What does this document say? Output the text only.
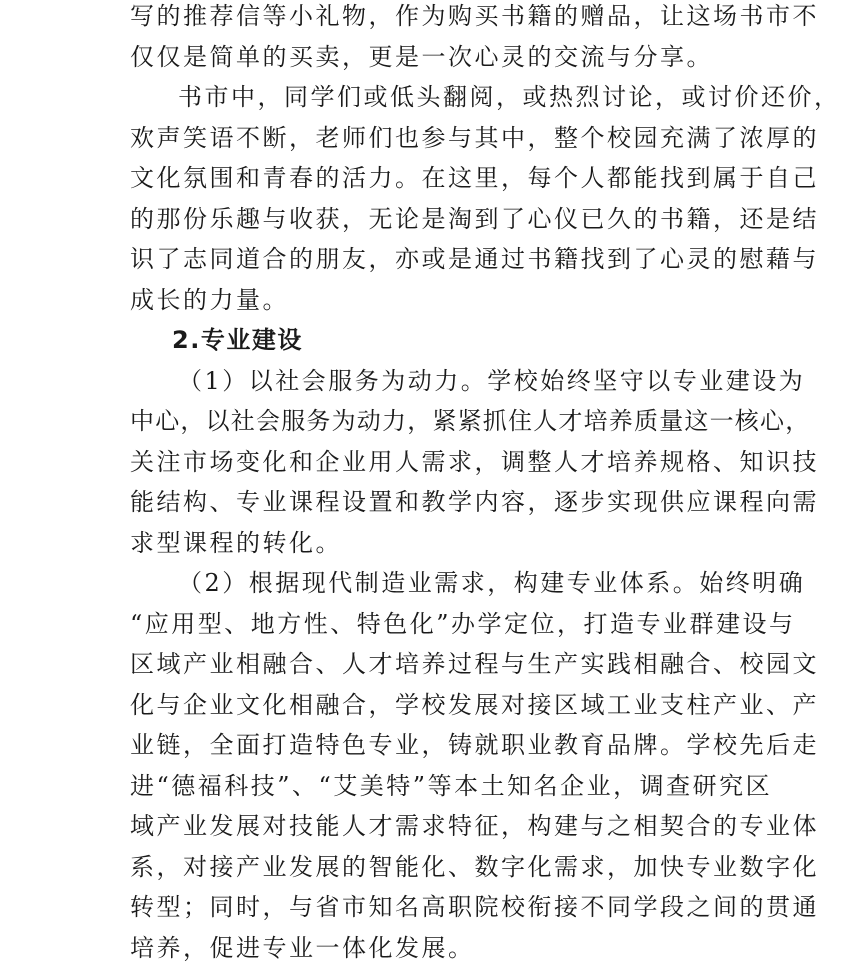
写的推荐信等小礼物，作为购买书籍的赠品，让这场书市不
仅仅是简单的买卖，更是一次心灵的交流与分享。
书市中，同学们或低头翻阅，或热烈讨论，或讨价还价，
欢声笑语不断，老师们也参与其中，整个校园充满了浓厚的
文化氛围和青春的活力。在这里，每个人都能找到属于自己
的那份乐趣与收获，无论是淘到了心仪已久的书籍，还是结
识了志同道合的朋友，亦或是通过书籍找到了心灵的慰藉与
成长的力量。
2.专业建设
（1）以社会服务为动力。学校始终坚守以专业建设为
中心，以社会服务为动力，紧紧抓住人才培养质量这一核心，
关注市场变化和企业用人需求，调整人才培养规格、知识技
能结构、专业课程设置和教学内容，逐步实现供应课程向需
求型课程的转化。
（2）根据现代制造业需求，构建专业体系。始终明确
“应用型、地方性、特色化”办学定位，打造专业群建设与
区域产业相融合、人才培养过程与生产实践相融合、校园文
化与企业文化相融合，学校发展对接区域工业支柱产业、产
业链，全面打造特色专业，铸就职业教育品牌。学校先后走
进“德福科技”、“艾美特”等本土知名企业，调查研究区
域产业发展对技能人才需求特征，构建与之相契合的专业体
系，对接产业发展的智能化、数字化需求，加快专业数字化
转型；同时，与省市知名高职院校衔接不同学段之间的贯通
培养，促进专业一体化发展。
